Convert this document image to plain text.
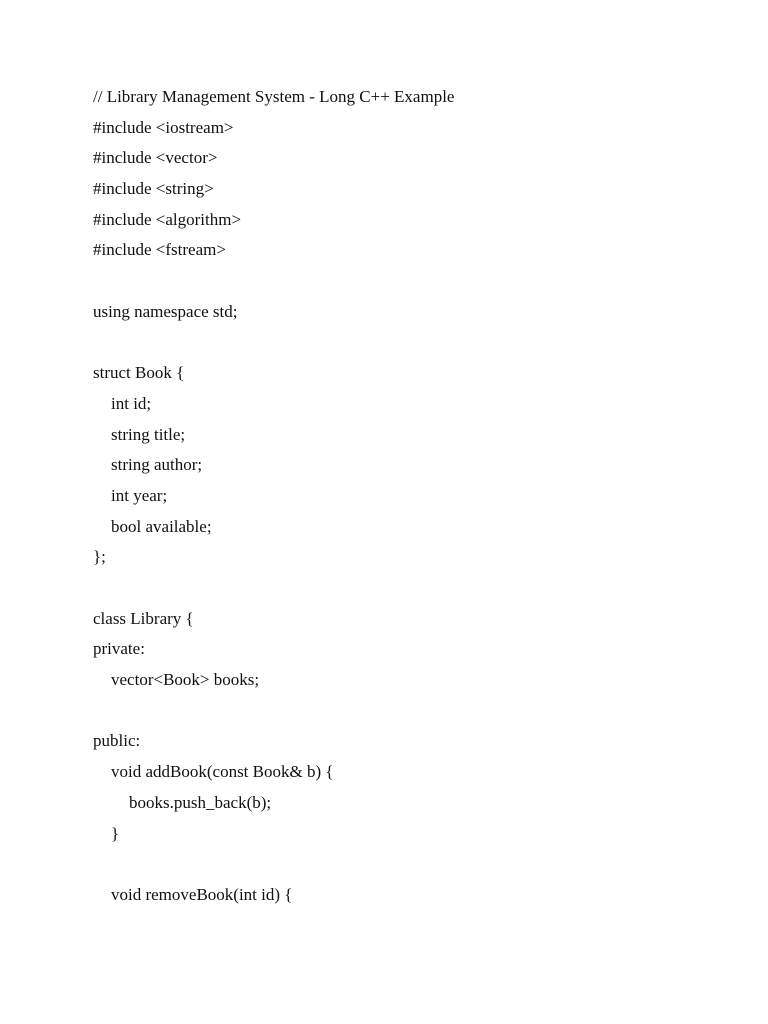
// Library Management System - Long C++ Example
#include <iostream>
#include <vector>
#include <string>
#include <algorithm>
#include <fstream>
using namespace std;
struct Book {
int id;
string title;
string author;
int year;
bool available;
};
class Library {
private:
vector<Book> books;
public:
void addBook(const Book& b) {
books.push_back(b);
}
void removeBook(int id) {
